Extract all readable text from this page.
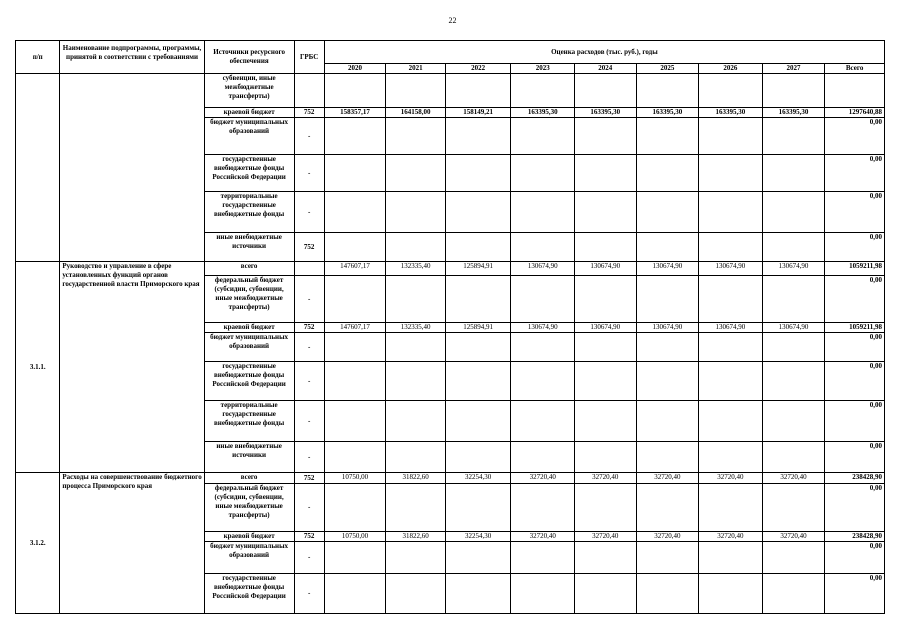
22
п/п	Наименование подпрограммы, программы, принятой в соответствии с требованиями	Источники ресурсного обеспечения	ГРБС	Оценка расходов (тыс. руб.), годы								
				2020	2021	2022	2023	2024	2025	2026	2027	Всего
		субвенции, иные межбюджетные трансферты)										
		краевой бюджет	752	158357,17	164158,00	158149,21	163395,30	163395,30	163395,30	163395,30	163395,30	1297640,88
		бюджет муниципальных образований	-									0,00
		государственные внебюджетные фонды Российской Федерации	-									0,00
		территориальные государственные внебюджетные фонды	-									0,00
		иные внебюджетные источники	752									0,00
3.1.1.	Руководство и управление в сфере установленных функций органов государственной власти Приморского края	всего		147607,17	132335,40	125894,91	130674,90	130674,90	130674,90	130674,90	130674,90	1059211,98
		федеральный бюджет (субсидии, субвенции, иные межбюджетные трансферты)	-									0,00
		краевой бюджет	752	147607,17	132335,40	125894,91	130674,90	130674,90	130674,90	130674,90	130674,90	1059211,98
		бюджет муниципальных образований	-									0,00
		государственные внебюджетные фонды Российской Федерации	-									0,00
		территориальные государственные внебюджетные фонды	-									0,00
		иные внебюджетные источники	-									0,00
3.1.2.	Расходы на совершенствование бюджетного процесса Приморского края	всего	752	10750,00	31822,60	32254,30	32720,40	32720,40	32720,40	32720,40	32720,40	238428,90
		федеральный бюджет (субсидии, субвенции, иные межбюджетные трансферты)	-									0,00
		краевой бюджет	752	10750,00	31822,60	32254,30	32720,40	32720,40	32720,40	32720,40	32720,40	238428,90
		бюджет муниципальных образований	-									0,00
		государственные внебюджетные фонды Российской Федерации	-									0,00
